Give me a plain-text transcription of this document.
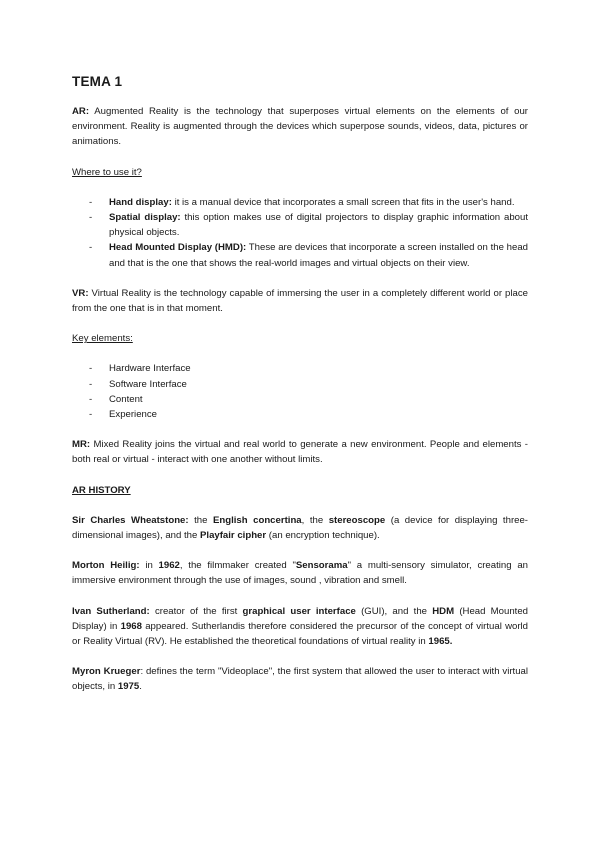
TEMA 1

AR: Augmented Reality is the technology that superposes virtual elements on the elements of our environment. Reality is augmented through the devices which superpose sounds, videos, data, pictures or animations.

Where to use it?

- Hand display: it is a manual device that incorporates a small screen that fits in the user's hand.
- Spatial display: this option makes use of digital projectors to display graphic information about physical objects.
- Head Mounted Display (HMD): These are devices that incorporate a screen installed on the head and that is the one that shows the real-world images and virtual objects on their view.

VR: Virtual Reality is the technology capable of immersing the user in a completely different world or place from the one that is in that moment.

Key elements:

- Hardware Interface
- Software Interface
- Content
- Experience

MR: Mixed Reality joins the virtual and real world to generate a new environment. People and elements - both real or virtual - interact with one another without limits.

AR HISTORY

Sir Charles Wheatstone: the English concertina, the stereoscope (a device for displaying three-dimensional images), and the Playfair cipher (an encryption technique).

Morton Heilig: in 1962, the filmmaker created "Sensorama" a multi-sensory simulator, creating an immersive environment through the use of images, sound , vibration and smell.

Ivan Sutherland: creator of the first graphical user interface (GUI), and the HDM (Head Mounted Display) in 1968 appeared. Sutherlandis therefore considered the precursor of the concept of virtual world or Reality Virtual (RV). He established the theoretical foundations of virtual reality in 1965.

Myron Krueger: defines the term "Videoplace", the first system that allowed the user to interact with virtual objects, in 1975.
